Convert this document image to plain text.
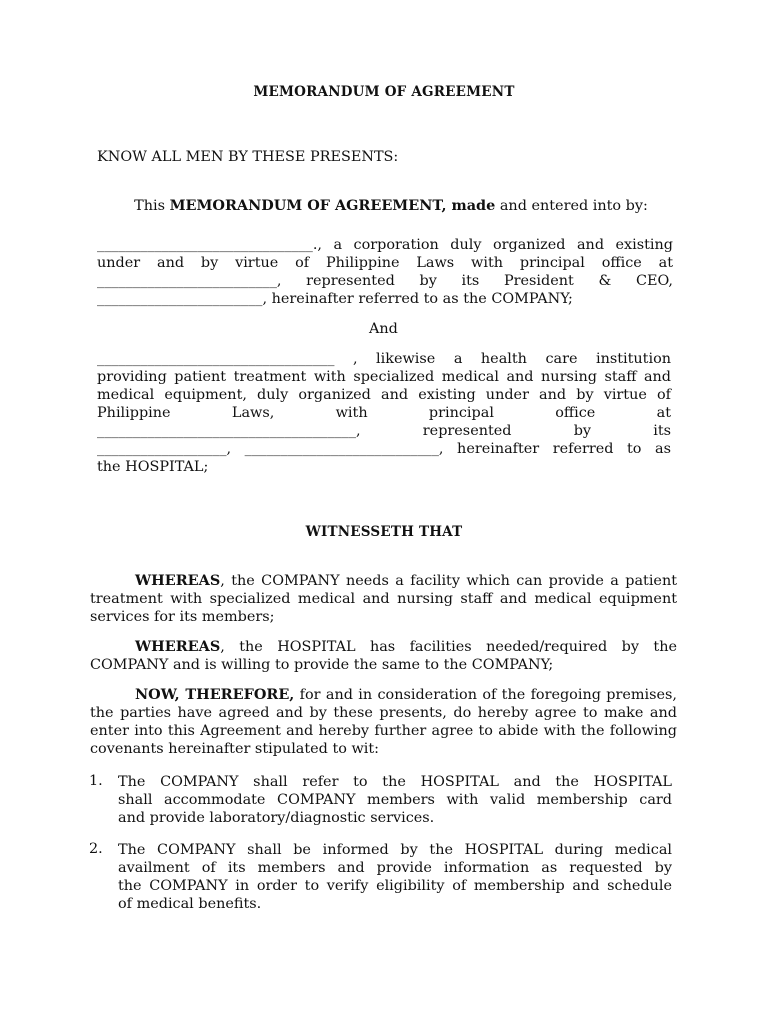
MEMORANDUM OF AGREEMENT
KNOW ALL MEN BY THESE PRESENTS:
This MEMORANDUM OF AGREEMENT, made and entered into by:
______________________________., a corporation duly organized and existing
under and by virtue of Philippine Laws with principal office at
_________________________, represented by its President & CEO,
_______________________, hereinafter referred to as the COMPANY;
And
_________________________________ , likewise a health care institution
providing patient treatment with specialized medical and nursing staff and
medical equipment, duly organized and existing under and by virtue of
Philippine Laws, with principal office at
____________________________________, represented by its
__________________, ___________________________, hereinafter referred to as
the HOSPITAL;
WITNESSETH THAT
WHEREAS, the COMPANY needs a facility which can provide a patient
treatment with specialized medical and nursing staff and medical equipment
services for its members;
WHEREAS, the HOSPITAL has facilities needed/required by the
COMPANY and is willing to provide the same to the COMPANY;
NOW, THEREFORE, for and in consideration of the foregoing premises,
the parties have agreed and by these presents, do hereby agree to make and
enter into this Agreement and hereby further agree to abide with the following
covenants hereinafter stipulated to wit:
1. The COMPANY shall refer to the HOSPITAL and the HOSPITAL
shall accommodate COMPANY members with valid membership card
and provide laboratory/diagnostic services.
2. The COMPANY shall be informed by the HOSPITAL during medical
availment of its members and provide information as requested by
the COMPANY in order to verify eligibility of membership and schedule
of medical benefits.
